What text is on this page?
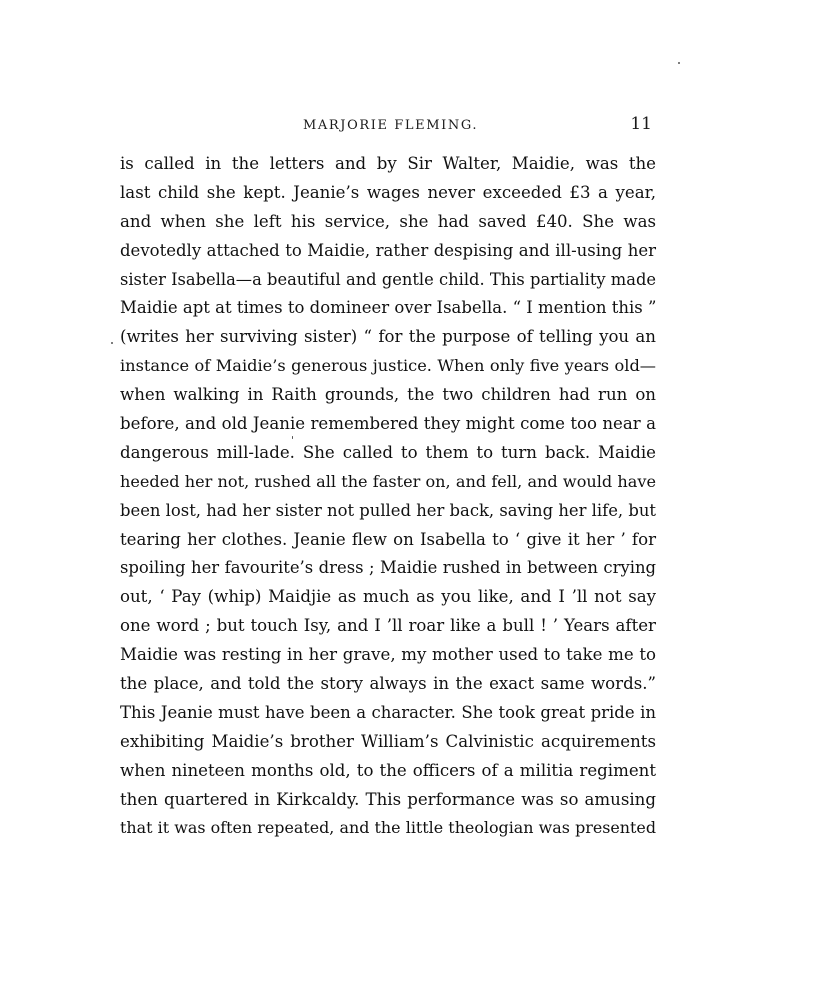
MARJORIE FLEMING.	11
is called in the letters and by Sir Walter, Maidie, was the
last child she kept. Jeanie’s wages never exceeded £3 a year,
and when she left his service, she had saved £40. She was
devotedly attached to Maidie, rather despising and ill-using her
sister Isabella—a beautiful and gentle child. This partiality made
Maidie apt at times to domineer over Isabella. “ I mention this ”
(writes her surviving sister) “ for the purpose of telling you an
instance of Maidie’s generous justice. When only five years old—
when walking in Raith grounds, the two children had run on
before, and old Jeanie remembered they might come too near a
dangerous mill-lade. She called to them to turn back. Maidie
heeded her not, rushed all the faster on, and fell, and would have
been lost, had her sister not pulled her back, saving her life, but
tearing her clothes. Jeanie flew on Isabella to ‘ give it her ’ for
spoiling her favourite’s dress ; Maidie rushed in between crying
out, ‘ Pay (whip) Maidjie as much as you like, and I ’ll not say
one word ; but touch Isy, and I ’ll roar like a bull ! ’ Years after
Maidie was resting in her grave, my mother used to take me to
the place, and told the story always in the exact same words.”
This Jeanie must have been a character. She took great pride in
exhibiting Maidie’s brother William’s Calvinistic acquirements
when nineteen months old, to the officers of a militia regiment
then quartered in Kirkcaldy. This performance was so amusing
that it was often repeated, and the little theologian was presented
